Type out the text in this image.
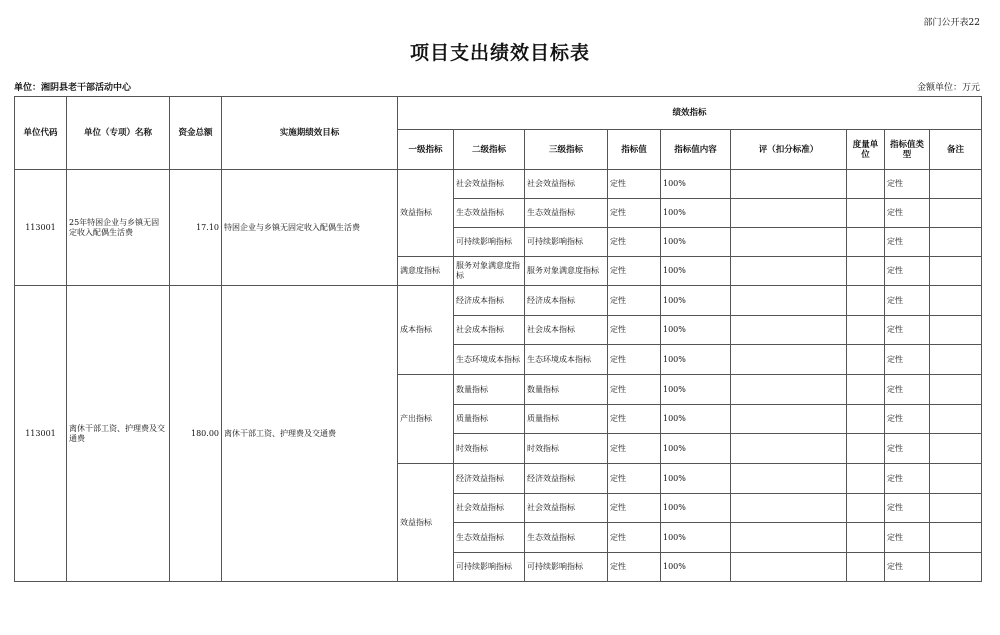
部门公开表22
项目支出绩效目标表
单位：湘阴县老干部活动中心	金额单位：万元
单位代码	单位（专项）名称	资金总额	实施期绩效目标	绩效指标								
				一级指标	二级指标	三级指标	指标值	指标值内容	评（扣分标准）	度量单位	指标值类型	备注
113001	25年特困企业与乡镇无固定收入配偶生活费	17.10	特困企业与乡镇无固定收入配偶生活费	效益指标	社会效益指标	社会效益指标	定性	100%			定性	
					生态效益指标	生态效益指标	定性	100%			定性	
					可持续影响指标	可持续影响指标	定性	100%			定性	
				满意度指标	服务对象满意度指标	服务对象满意度指标	定性	100%			定性	
113001	离休干部工资、护理费及交通费	180.00	离休干部工资、护理费及交通费	成本指标	经济成本指标	经济成本指标	定性	100%			定性	
					社会成本指标	社会成本指标	定性	100%			定性	
					生态环境成本指标	生态环境成本指标	定性	100%			定性	
				产出指标	数量指标	数量指标	定性	100%			定性	
					质量指标	质量指标	定性	100%			定性	
					时效指标	时效指标	定性	100%			定性	
				效益指标	经济效益指标	经济效益指标	定性	100%			定性	
					社会效益指标	社会效益指标	定性	100%			定性	
					生态效益指标	生态效益指标	定性	100%			定性	
					可持续影响指标	可持续影响指标	定性	100%			定性	
